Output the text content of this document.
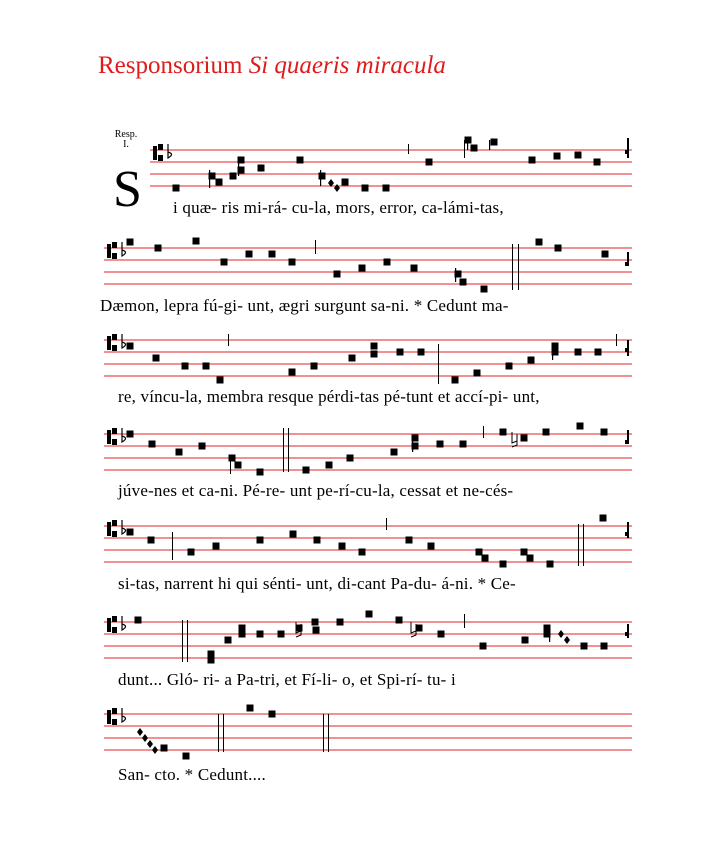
Responsorium Si quaeris miracula
Resp.
I.
S i quæ- ris mi-rá- cu-la, mors, error, ca-lámi-tas,
Dæmon, lepra fú-gi- unt, ægri surgunt sa-ni. * Cedunt ma-
re, víncu-la, membra resque pérdi-tas pé-tunt et accí-pi- unt,
júve-nes et ca-ni. Pé-re- unt pe-rí-cu-la, cessat et ne-cés-
si-tas, narrent hi qui sénti- unt, di-cant Pa-du- á-ni. * Ce-
dunt... Gló- ri- a Pa-tri, et Fí-li- o, et Spi-rí- tu- i
San- cto. * Cedunt....
